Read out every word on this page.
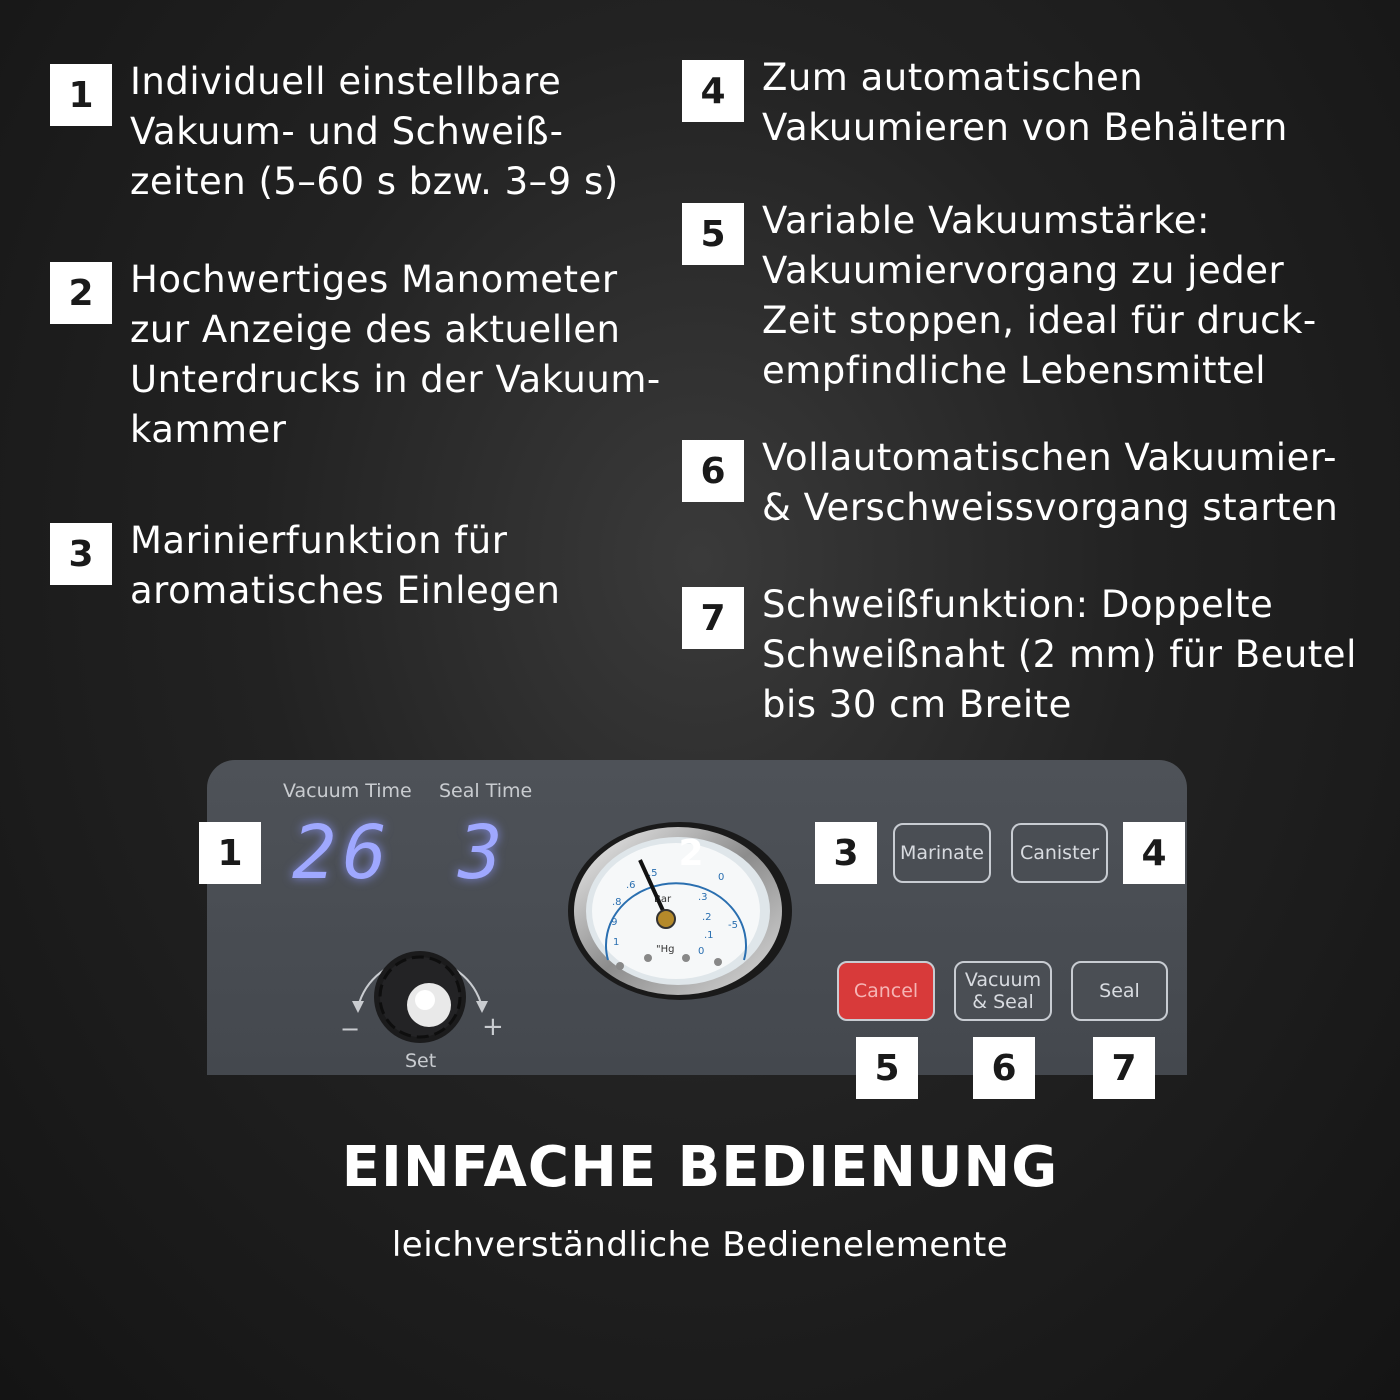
1 Individuell einstellbare
Vakuum- und Schweiß-
zeiten (5–60 s bzw. 3–9 s)
2 Hochwertiges Manometer
zur Anzeige des aktuellen
Unterdrucks in der Vakuum-
kammer
3 Marinierfunktion für
aromatisches Einlegen
4 Zum automatischen
Vakuumieren von Behältern
5 Variable Vakuumstärke:
Vakuumiervorgang zu jeder
Zeit stoppen, ideal für druck-
empfindliche Lebensmittel
6 Vollautomatischen Vakuumier-
& Verschweissvorgang starten
7 Schweißfunktion: Doppelte
Schweißnaht (2 mm) für Beutel
bis 30 cm Breite
Vacuum Time Seal Time
26 3
−	+
Set
1
.9
.8
.6
.5
.3
.2
.1
0
-5
0
Bar
"Hg
Marinate	Canister
Cancel	Vacuum
& Seal	Seal
1	2	3	4
5	6	7
EINFACHE BEDIENUNG
leichverständliche Bedienelemente
